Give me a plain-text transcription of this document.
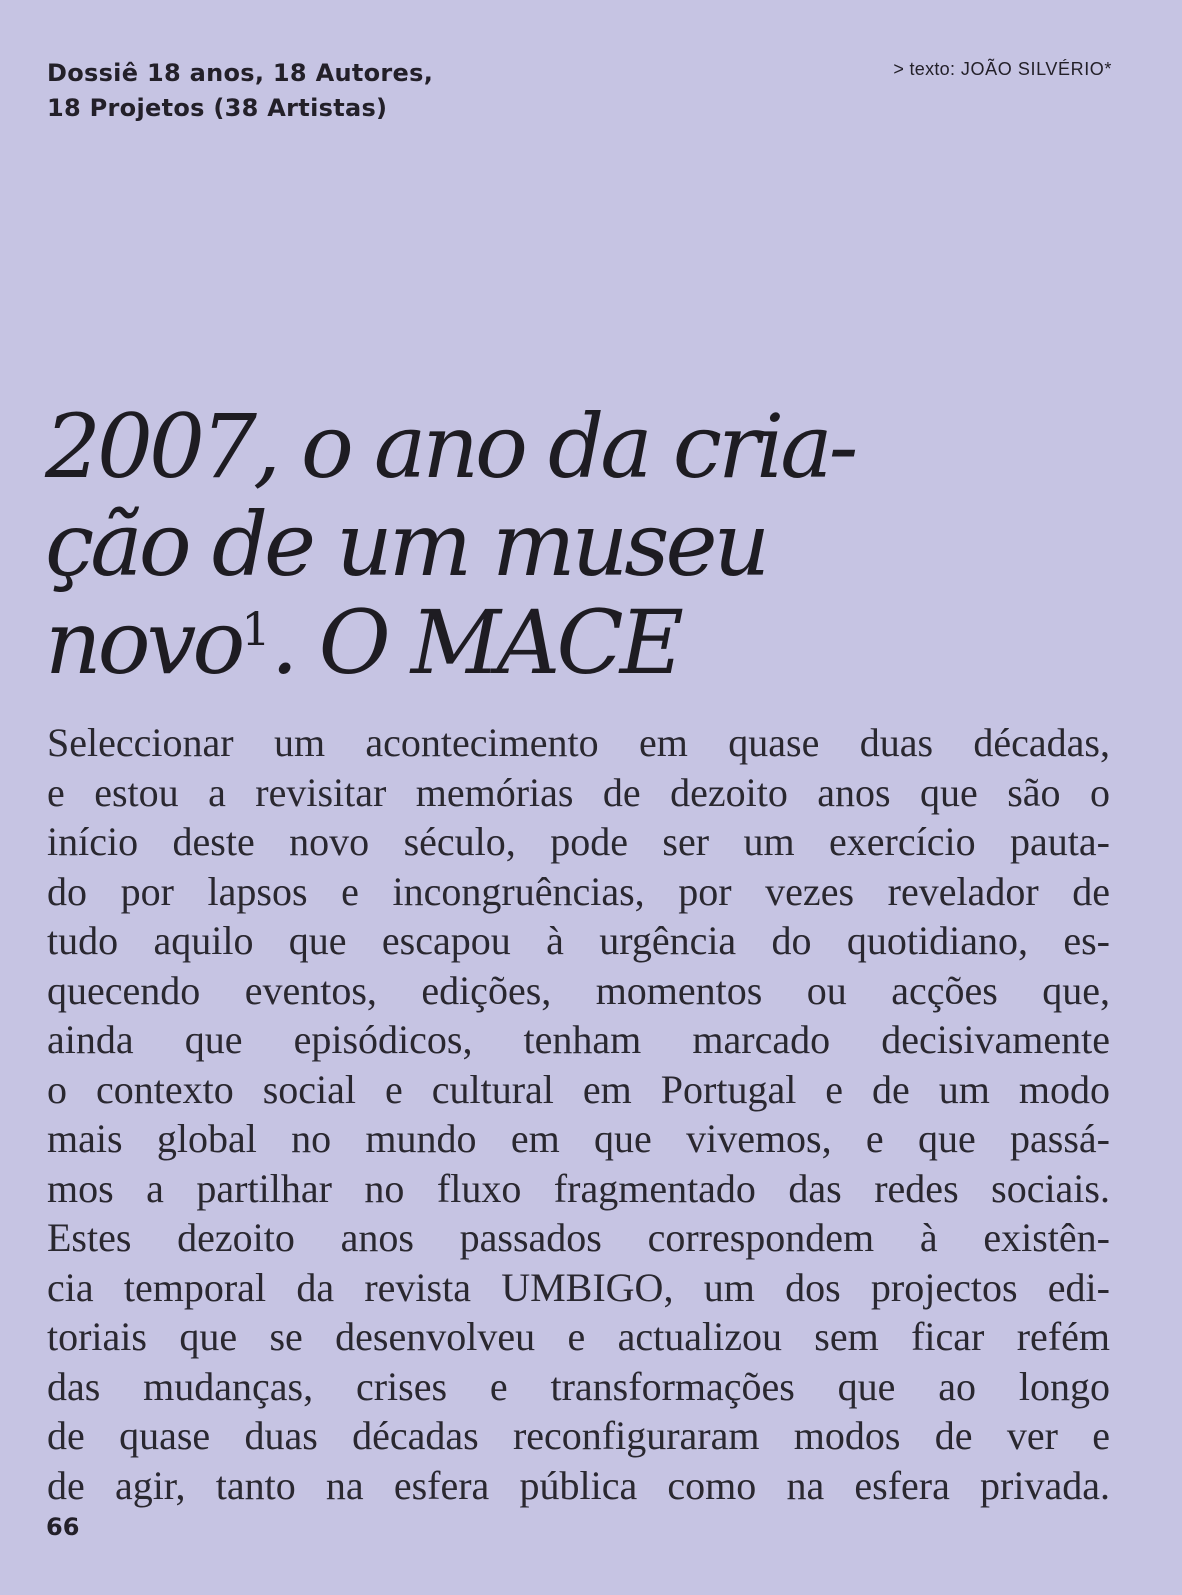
Dossiê 18 anos, 18 Autores,
18 Projetos (38 Artistas)
> texto: JOÃO SILVÉRIO*
2007, o ano da cria-
ção de um museu
novo$^1$. O MACE
Seleccionar um acontecimento em quase duas décadas,
e estou a revisitar memórias de dezoito anos que são o
início deste novo século, pode ser um exercício pauta-
do por lapsos e incongruências, por vezes revelador de
tudo aquilo que escapou à urgência do quotidiano, es-
quecendo eventos, edições, momentos ou acções que,
ainda que episódicos, tenham marcado decisivamente
o contexto social e cultural em Portugal e de um modo
mais global no mundo em que vivemos, e que passá-
mos a partilhar no fluxo fragmentado das redes sociais.
Estes dezoito anos passados correspondem à existên-
cia temporal da revista UMBIGO, um dos projectos edi-
toriais que se desenvolveu e actualizou sem ficar refém
das mudanças, crises e transformações que ao longo
de quase duas décadas reconfiguraram modos de ver e
de agir, tanto na esfera pública como na esfera privada.
66
